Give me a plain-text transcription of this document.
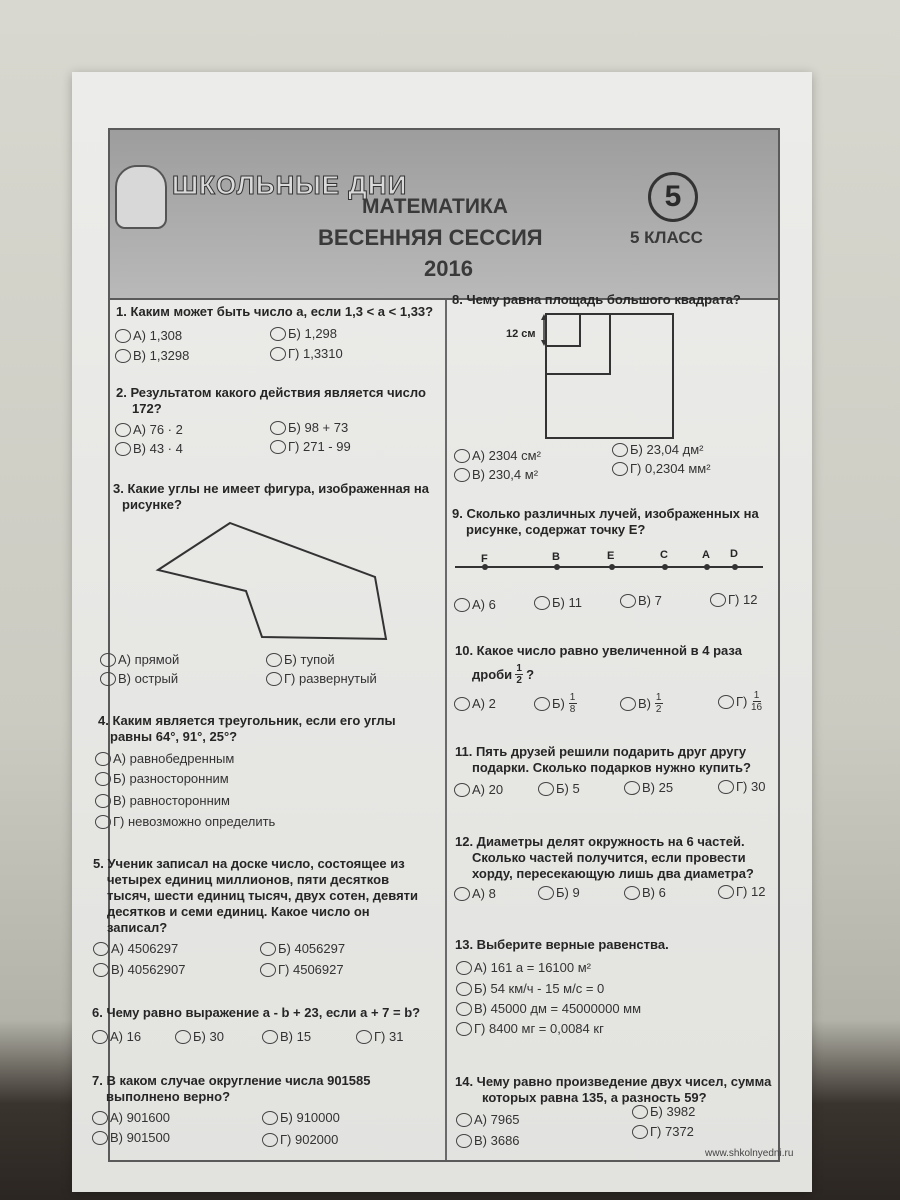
ШКОЛЬНЫЕ ДНИ
МАТЕМАТИКА
ВЕСЕННЯЯ СЕССИЯ
2016
5
5 КЛАСС
1. Каким может быть число а, если 1,3 < a < 1,33?
А) 1,308	Б) 1,298
В) 1,3298	Г) 1,3310
2. Результатом какого действия является число
172?
А) 76 · 2	Б) 98 + 73
В) 43 · 4	Г) 271 - 99
3. Какие углы не имеет фигура, изображенная на
рисунке?
А) прямой	Б) тупой
В) острый	Г) развернутый
4. Каким является треугольник, если его углы
равны 64°, 91°, 25°?
А) равнобедренным
Б) разносторонним
В) равносторонним
Г) невозможно определить
5. Ученик записал на доске число, состоящее из
четырех единиц миллионов, пяти десятков
тысяч, шести единиц тысяч, двух сотен, девяти
десятков и семи единиц. Какое число он
записал?
А) 4506297	Б) 4056297
В) 40562907	Г) 4506927
6. Чему равно выражение a - b + 23, если a + 7 = b?
А) 16	Б) 30	В) 15	Г) 31
7. В каком случае округление числа 901585
выполнено верно?
А) 901600	Б) 910000
В) 901500	Г) 902000
8. Чему равна площадь большого квадрата?
12 см
А) 2304 см²	Б) 23,04 дм²
В) 230,4 м²	Г) 0,2304 мм²
9. Сколько различных лучей, изображенных на
рисунке, содержат точку Е?
F	B	E	C	A D
А) 6	Б) 11	В) 7	Г) 12
10. Какое число равно увеличенной в 4 раза
дроби $\frac{1}{2}$ ?
А) 2	Б)
$\frac{1}{8}$	В)
$\frac{1}{2}$	Г)
$\frac{1}{16}$
11. Пять друзей решили подарить друг другу
подарки. Сколько подарков нужно купить?
А) 20	Б) 5	В) 25	Г) 30
12. Диаметры делят окружность на 6 частей.
Сколько частей получится, если провести
хорду, пересекающую лишь два диаметра?
А) 8	Б) 9	В) 6	Г) 12
13. Выберите верные равенства.
А) 161 а = 16100 м²
Б) 54 км/ч - 15 м/с = 0
В) 45000 дм = 45000000 мм
Г) 8400 мг = 0,0084 кг
14. Чему равно произведение двух чисел, сумма
которых равна 135, а разность 59?
А) 7965
Б) 3982
В) 3686
Г) 7372
www.shkolnyedni.ru
